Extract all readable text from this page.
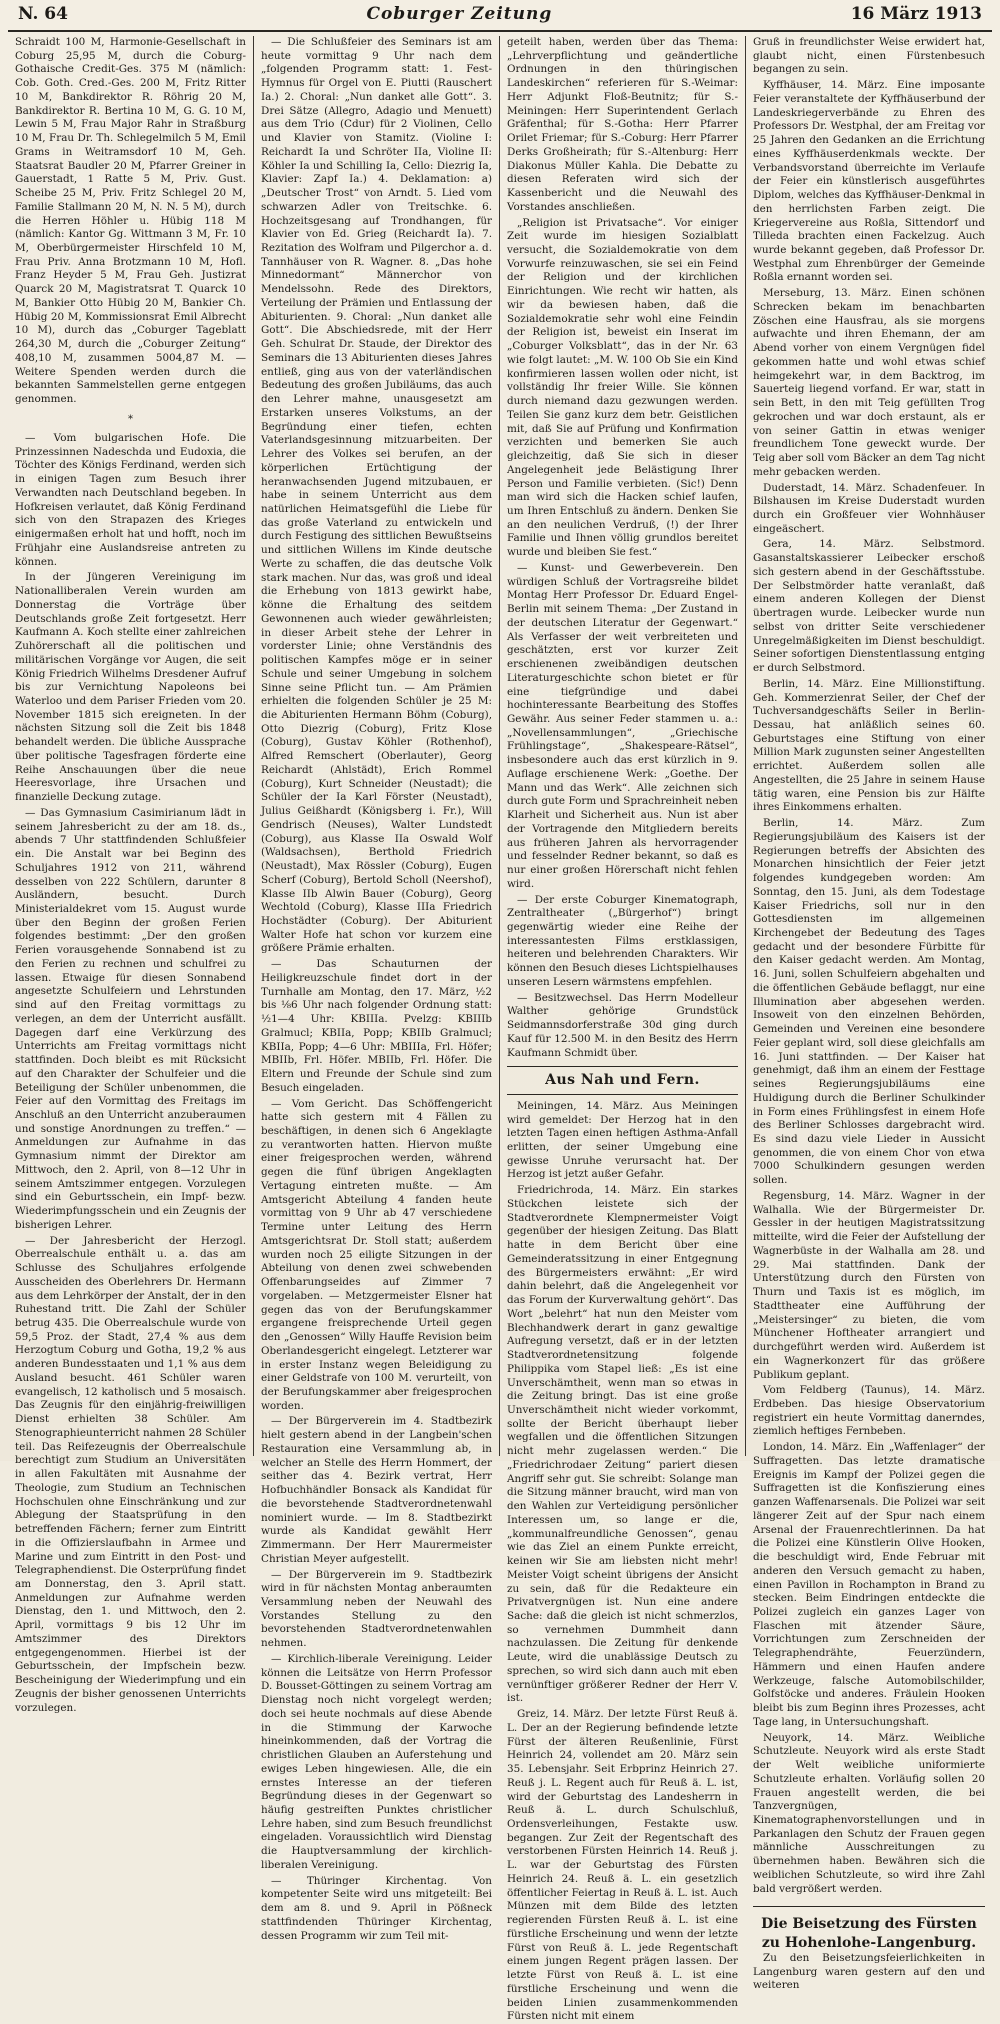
N. 64	Coburger Zeitung	16 März 1913

Schraidt 100 M, Harmonie-Gesellschaft in Coburg 25,95 M, durch die Coburg-Gothaische Credit-Ges. 375 M (nämlich: Cob. Goth. Cred.-Ges. 200 M, Fritz Ritter 10 M, Bankdirektor R. Röhrig 20 M, Bankdirektor R. Bertina 10 M, G. G. 10 M, Lewin 5 M, Frau Major Rahr in Straßburg 10 M, Frau Dr. Th. Schlegelmilch 5 M, Emil Grams in Weitramsdorf 10 M, Geh. Staatsrat Baudler 20 M, Pfarrer Greiner in Gauerstadt, 1 Ratte 5 M, Priv. Gust. Scheibe 25 M, Priv. Fritz Schlegel 20 M, Familie Stallmann 20 M, N. N. 5 M), durch die Herren Höhler u. Hübig 118 M (nämlich: Kantor Gg. Wittmann 3 M, Fr. 10 M, Oberbürgermeister Hirschfeld 10 M, Frau Priv. Anna Brotzmann 10 M, Hofl. Franz Heyder 5 M, Frau Geh. Justizrat Quarck 20 M, Magistratsrat T. Quarck 10 M, Bankier Otto Hübig 20 M, Bankier Ch. Hübig 20 M, Kommissionsrat Emil Albrecht 10 M), durch das „Coburger Tageblatt 264,30 M, durch die „Coburger Zeitung“ 408,10 M, zusammen 5004,87 M. — Weitere Spenden werden durch die bekannten Sammelstellen gerne entgegen genommen.

*

— Vom bulgarischen Hofe. Die Prinzessinnen Nadeschda und Eudoxia, die Töchter des Königs Ferdinand, werden sich in einigen Tagen zum Besuch ihrer Verwandten nach Deutschland begeben. In Hofkreisen verlautet, daß König Ferdinand sich von den Strapazen des Krieges einigermaßen erholt hat und hofft, noch im Frühjahr eine Auslandsreise antreten zu können.

In der Jüngeren Vereinigung im Nationalliberalen Verein wurden am Donnerstag die Vorträge über Deutschlands große Zeit fortgesetzt. Herr Kaufmann A. Koch stellte einer zahlreichen Zuhörerschaft all die politischen und militärischen Vorgänge vor Augen, die seit König Friedrich Wilhelms Dresdener Aufruf bis zur Vernichtung Napoleons bei Waterloo und dem Pariser Frieden vom 20. November 1815 sich ereigneten. In der nächsten Sitzung soll die Zeit bis 1848 behandelt werden. Die übliche Aussprache über politische Tagesfragen förderte eine Reihe Anschauungen über die neue Heeresvorlage, ihre Ursachen und finanzielle Deckung zutage.

— Das Gymnasium Casimirianum lädt in seinem Jahresbericht zu der am 18. ds., abends 7 Uhr stattfindenden Schlußfeier ein. Die Anstalt war bei Beginn des Schuljahres 1912 von 211, während desselben von 222 Schülern, darunter 8 Ausländern, besucht. Durch Ministerialdekret vom 15. August wurde über den Beginn der großen Ferien folgendes bestimmt: „Der den großen Ferien vorausgehende Sonnabend ist zu den Ferien zu rechnen und schulfrei zu lassen. Etwaige für diesen Sonnabend angesetzte Schulfeiern und Lehrstunden sind auf den Freitag vormittags zu verlegen, an dem der Unterricht ausfällt. Dagegen darf eine Verkürzung des Unterrichts am Freitag vormittags nicht stattfinden. Doch bleibt es mit Rücksicht auf den Charakter der Schulfeier und die Beteiligung der Schüler unbenommen, die Feier auf den Vormittag des Freitags im Anschluß an den Unterricht anzuberaumen und sonstige Anordnungen zu treffen.“ — Anmeldungen zur Aufnahme in das Gymnasium nimmt der Direktor am Mittwoch, den 2. April, von 8—12 Uhr in seinem Amtszimmer entgegen. Vorzulegen sind ein Geburtsschein, ein Impf- bezw. Wiederimpfungsschein und ein Zeugnis der bisherigen Lehrer.

— Der Jahresbericht der Herzogl. Oberrealschule enthält u. a. das am Schlusse des Schuljahres erfolgende Ausscheiden des Oberlehrers Dr. Hermann aus dem Lehrkörper der Anstalt, der in den Ruhestand tritt. Die Zahl der Schüler betrug 435. Die Oberrealschule wurde von 59,5 Proz. der Stadt, 27,4 % aus dem Herzogtum Coburg und Gotha, 19,2 % aus anderen Bundesstaaten und 1,1 % aus dem Ausland besucht. 461 Schüler waren evangelisch, 12 katholisch und 5 mosaisch. Das Zeugnis für den einjährig-freiwilligen Dienst erhielten 38 Schüler. Am Stenographieunterricht nahmen 28 Schüler teil. Das Reifezeugnis der Oberrealschule berechtigt zum Studium an Universitäten in allen Fakultäten mit Ausnahme der Theologie, zum Studium an Technischen Hochschulen ohne Einschränkung und zur Ablegung der Staatsprüfung in den betreffenden Fächern; ferner zum Eintritt in die Offizierslaufbahn in Armee und Marine und zum Eintritt in den Post- und Telegraphendienst. Die Osterprüfung findet am Donnerstag, den 3. April statt. Anmeldungen zur Aufnahme werden Dienstag, den 1. und Mittwoch, den 2. April, vormittags 9 bis 12 Uhr im Amtszimmer des Direktors entgegengenommen. Hierbei ist der Geburtsschein, der Impfschein bezw. Bescheinigung der Wiederimpfung und ein Zeugnis der bisher genossenen Unterrichts vorzulegen.

— Die Schlußfeier des Seminars ist am heute vormittag 9 Uhr nach dem „folgenden Programm statt: 1. Fest-Hymnus für Orgel von E. Piutti (Rauschert Ia.) 2. Choral: „Nun danket alle Gott“. 3. Drei Sätze (Allegro, Adagio und Menuett) aus dem Trio (Cdur) für 2 Violinen, Cello und Klavier von Stamitz. (Violine I: Reichardt Ia und Schröter IIa, Violine II: Köhler Ia und Schilling Ia, Cello: Diezrig Ia, Klavier: Zapf Ia.) 4. Deklamation: a) „Deutscher Trost“ von Arndt. 5. Lied vom schwarzen Adler von Treitschke. 6. Hochzeitsgesang auf Trondhangen, für Klavier von Ed. Grieg (Reichardt Ia). 7. Rezitation des Wolfram und Pilgerchor a. d. Tannhäuser von R. Wagner. 8. „Das hohe Minnedormant“ Männerchor von Mendelssohn. Rede des Direktors, Verteilung der Prämien und Entlassung der Abiturienten. 9. Choral: „Nun danket alle Gott“. Die Abschiedsrede, mit der Herr Geh. Schulrat Dr. Staude, der Direktor des Seminars die 13 Abiturienten dieses Jahres entließ, ging aus von der vaterländischen Bedeutung des großen Jubiläums, das auch den Lehrer mahne, unausgesetzt am Erstarken unseres Volkstums, an der Begründung einer tiefen, echten Vaterlandsgesinnung mitzuarbeiten. Der Lehrer des Volkes sei berufen, an der körperlichen Ertüchtigung der heranwachsenden Jugend mitzubauen, er habe in seinem Unterricht aus dem natürlichen Heimatsgefühl die Liebe für das große Vaterland zu entwickeln und durch Festigung des sittlichen Bewußtseins und sittlichen Willens im Kinde deutsche Werte zu schaffen, die das deutsche Volk stark machen. Nur das, was groß und ideal die Erhebung von 1813 gewirkt habe, könne die Erhaltung des seitdem Gewonnenen auch wieder gewährleisten; in dieser Arbeit stehe der Lehrer in vorderster Linie; ohne Verständnis des politischen Kampfes möge er in seiner Schule und seiner Umgebung in solchem Sinne seine Pflicht tun. — Am Prämien erhielten die folgenden Schüler je 25 M: die Abiturienten Hermann Böhm (Coburg), Otto Diezrig (Coburg), Fritz Klose (Coburg), Gustav Köhler (Rothenhof), Alfred Remschert (Oberlauter), Georg Reichardt (Ahlstädt), Erich Rommel (Coburg), Kurt Schneider (Neustadt); die Schüler der Ia Karl Förster (Neustadt), Julius Geißhardt (Königsberg i. Fr.), Will Gendrisch (Neuses), Walter Lundstedt (Coburg), aus Klasse IIa Oswald Wolf (Waldsachsen), Berthold Friedrich (Neustadt), Max Rössler (Coburg), Eugen Scherf (Coburg), Bertold Scholl (Neershof), Klasse IIb Alwin Bauer (Coburg), Georg Wechtold (Coburg), Klasse IIIa Friedrich Hochstädter (Coburg). Der Abiturient Walter Hofe hat schon vor kurzem eine größere Prämie erhalten.

— Das Schauturnen der Heiligkreuzschule findet dort in der Turnhalle am Montag, den 17. März, ½2 bis ⅛6 Uhr nach folgender Ordnung statt: ½1—4 Uhr: KBIIIa. Pvelzg: KBIIIb Gralmucl; KBIIa, Popp; KBIIb Gralmucl; KBIIa, Popp; 4—6 Uhr: MBIIIa, Frl. Höfer; MBIIb, Frl. Höfer. MBIIb, Frl. Höfer. Die Eltern und Freunde der Schule sind zum Besuch eingeladen.

— Vom Gericht. Das Schöffengericht hatte sich gestern mit 4 Fällen zu beschäftigen, in denen sich 6 Angeklagte zu verantworten hatten. Hiervon mußte einer freigesprochen werden, während gegen die fünf übrigen Angeklagten Vertagung eintreten mußte. — Am Amtsgericht Abteilung 4 fanden heute vormittag von 9 Uhr ab 47 verschiedene Termine unter Leitung des Herrn Amtsgerichtsrat Dr. Stoll statt; außerdem wurden noch 25 eiligte Sitzungen in der Abteilung von denen zwei schwebenden Offenbarungseides auf Zimmer 7 vorgelaben. — Metzgermeister Elsner hat gegen das von der Berufungskammer ergangene freisprechende Urteil gegen den „Genossen“ Willy Hauffe Revision beim Oberlandesgericht eingelegt. Letzterer war in erster Instanz wegen Beleidigung zu einer Geldstrafe von 100 M. verurteilt, von der Berufungskammer aber freigesprochen worden.

— Der Bürgerverein im 4. Stadtbezirk hielt gestern abend in der Langbein'schen Restauration eine Versammlung ab, in welcher an Stelle des Herrn Hommert, der seither das 4. Bezirk vertrat, Herr Hofbuchhändler Bonsack als Kandidat für die bevorstehende Stadtverordnetenwahl nominiert wurde. — Im 8. Stadtbezirkt wurde als Kandidat gewählt Herr Zimmermann. Der Herr Maurermeister Christian Meyer aufgestellt.

— Der Bürgerverein im 9. Stadtbezirk wird in für nächsten Montag anberaumten Versammlung neben der Neuwahl des Vorstandes Stellung zu den bevorstehenden Stadtverordnetenwahlen nehmen.

— Kirchlich-liberale Vereinigung. Leider können die Leitsätze von Herrn Professor D. Bousset-Göttingen zu seinem Vortrag am Dienstag noch nicht vorgelegt werden; doch sei heute nochmals auf diese Abende in die Stimmung der Karwoche hineinkommenden, daß der Vortrag die christlichen Glauben an Auferstehung und ewiges Leben hingewiesen. Alle, die ein ernstes Interesse an der tieferen Begründung dieses in der Gegenwart so häufig gestreiften Punktes christlicher Lehre haben, sind zum Besuch freundlichst eingeladen. Voraussichtlich wird Dienstag die Hauptversammlung der kirchlich-liberalen Vereinigung.

— Thüringer Kirchentag. Von kompetenter Seite wird uns mitgeteilt: Bei dem am 8. und 9. April in Pößneck stattfindenden Thüringer Kirchentag, dessen Programm wir zum Teil mit-

geteilt haben, werden über das Thema: „Lehrverpflichtung und geändertliche Ordnungen in den thüringischen Landeskirchen“ referieren für S.-Weimar: Herr Adjunkt Floß-Beutnitz; für S.-Meiningen: Herr Superintendent Gerlach Gräfenthal; für S.-Gotha: Herr Pfarrer Orilet Friemar; für S.-Coburg: Herr Pfarrer Derks Großheirath; für S.-Altenburg: Herr Diakonus Müller Kahla. Die Debatte zu diesen Referaten wird sich der Kassenbericht und die Neuwahl des Vorstandes anschließen.

„Religion ist Privatsache“. Vor einiger Zeit wurde im hiesigen Sozialblatt versucht, die Sozialdemokratie von dem Vorwurfe reinzuwaschen, sie sei ein Feind der Religion und der kirchlichen Einrichtungen. Wie recht wir hatten, als wir da bewiesen haben, daß die Sozialdemokratie sehr wohl eine Feindin der Religion ist, beweist ein Inserat im „Coburger Volksblatt“, das in der Nr. 63 wie folgt lautet: „M. W. 100 Ob Sie ein Kind konfirmieren lassen wollen oder nicht, ist vollständig Ihr freier Wille. Sie können durch niemand dazu gezwungen werden. Teilen Sie ganz kurz dem betr. Geistlichen mit, daß Sie auf Prüfung und Konfirmation verzichten und bemerken Sie auch gleichzeitig, daß Sie sich in dieser Angelegenheit jede Belästigung Ihrer Person und Familie verbieten. (Sic!) Denn man wird sich die Hacken schief laufen, um Ihren Entschluß zu ändern. Denken Sie an den neulichen Verdruß, (!) der Ihrer Familie und Ihnen völlig grundlos bereitet wurde und bleiben Sie fest.“

— Kunst- und Gewerbeverein. Den würdigen Schluß der Vortragsreihe bildet Montag Herr Professor Dr. Eduard Engel-Berlin mit seinem Thema: „Der Zustand in der deutschen Literatur der Gegenwart.“ Als Verfasser der weit verbreiteten und geschätzten, erst vor kurzer Zeit erschienenen zweibändigen deutschen Literaturgeschichte schon bietet er für eine tiefgründige und dabei hochinteressante Bearbeitung des Stoffes Gewähr. Aus seiner Feder stammen u. a.: „Novellensammlungen“, „Griechische Frühlingstage“, „Shakespeare-Rätsel“, insbesondere auch das erst kürzlich in 9. Auflage erschienene Werk: „Goethe. Der Mann und das Werk“. Alle zeichnen sich durch gute Form und Sprachreinheit neben Klarheit und Sicherheit aus. Nun ist aber der Vortragende den Mitgliedern bereits aus früheren Jahren als hervorragender und fesselnder Redner bekannt, so daß es nur einer großen Hörerschaft nicht fehlen wird.

— Der erste Coburger Kinematograph, Zentraltheater („Bürgerhof“) bringt gegenwärtig wieder eine Reihe der interessantesten Films erstklassigen, heiteren und belehrenden Charakters. Wir können den Besuch dieses Lichtspielhauses unseren Lesern wärmstens empfehlen.

— Besitzwechsel. Das Herrn Modelleur Walther gehörige Grundstück Seidmannsdorferstraße 30d ging durch Kauf für 12.500 M. in den Besitz des Herrn Kaufmann Schmidt über.

Aus Nah und Fern.

Meiningen, 14. März. Aus Meiningen wird gemeldet: Der Herzog hat in den letzten Tagen einen heftigen Asthma-Anfall erlitten, der seiner Umgebung eine gewisse Unruhe verursacht hat. Der Herzog ist jetzt außer Gefahr.

Friedrichroda, 14. März. Ein starkes Stückchen leistete sich der Stadtverordnete Klempnermeister Voigt gegenüber der hiesigen Zeitung. Das Blatt hatte in dem Bericht über eine Gemeinderatssitzung in einer Entgegnung des Bürgermeisters erwähnt: „Er wird dahin belehrt, daß die Angelegenheit vor das Forum der Kurverwaltung gehört“. Das Wort „belehrt“ hat nun den Meister vom Blechhandwerk derart in ganz gewaltige Aufregung versetzt, daß er in der letzten Stadtverordnetensitzung folgende Philippika vom Stapel ließ: „Es ist eine Unverschämtheit, wenn man so etwas in die Zeitung bringt. Das ist eine große Unverschämtheit nicht wieder vorkommt, sollte der Bericht überhaupt lieber wegfallen und die öffentlichen Sitzungen nicht mehr zugelassen werden.“ Die „Friedrichrodaer Zeitung“ pariert diesen Angriff sehr gut. Sie schreibt: Solange man die Sitzung männer braucht, wird man von den Wahlen zur Verteidigung persönlicher Interessen um, so lange er die, „kommunalfreundliche Genossen“, genau wie das Ziel an einem Punkte erreicht, keinen wir Sie am liebsten nicht mehr! Meister Voigt scheint übrigens der Ansicht zu sein, daß für die Redakteure ein Privatvergnügen ist. Nun eine andere Sache: daß die gleich ist nicht schmerzlos, so vernehmen Dummheit dann nachzulassen. Die Zeitung für denkende Leute, wird die unablässige Deutsch zu sprechen, so wird sich dann auch mit eben vernünftiger größerer Redner der Herr V. ist.

Greiz, 14. März. Der letzte Fürst Reuß ä. L. Der an der Regierung befindende letzte Fürst der älteren Reußenlinie, Fürst Heinrich 24, vollendet am 20. März sein 35. Lebensjahr. Seit Erbprinz Heinrich 27. Reuß j. L. Regent auch für Reuß ä. L. ist, wird der Geburtstag des Landesherrn in Reuß ä. L. durch Schulschluß, Ordensverleihungen, Festakte usw. begangen. Zur Zeit der Regentschaft des verstorbenen Fürsten Heinrich 14. Reuß j. L. war der Geburtstag des Fürsten Heinrich 24. Reuß ä. L. ein gesetzlich öffentlicher Feiertag in Reuß ä. L. ist. Auch Münzen mit dem Bilde des letzten regierenden Fürsten Reuß ä. L. ist eine fürstliche Erscheinung und wenn der letzte Fürst von Reuß ä. L. jede Regentschaft einem jungen Regent prägen lassen. Der letzte Fürst von Reuß ä. L. ist eine fürstliche Erscheinung und wenn die beiden Linien zusammenkommenden Fürsten nicht mit einem

Gruß in freundlichster Weise erwidert hat, glaubt nicht, einen Fürstenbesuch begangen zu sein.

Kyffhäuser, 14. März. Eine imposante Feier veranstaltete der Kyffhäuserbund der Landeskriegerverbände zu Ehren des Professors Dr. Westphal, der am Freitag vor 25 Jahren den Gedanken an die Errichtung eines Kyffhäuserdenkmals weckte. Der Verbandsvorstand überreichte im Verlaufe der Feier ein künstlerisch ausgeführtes Diplom, welches das Kyffhäuser-Denkmal in den herrlichsten Farben zeigt. Die Kriegervereine aus Roßla, Sittendorf und Tilleda brachten einen Fackelzug. Auch wurde bekannt gegeben, daß Professor Dr. Westphal zum Ehrenbürger der Gemeinde Roßla ernannt worden sei.

Merseburg, 13. März. Einen schönen Schrecken bekam im benachbarten Zöschen eine Hausfrau, als sie morgens aufwachte und ihren Ehemann, der am Abend vorher von einem Vergnügen fidel gekommen hatte und wohl etwas schief heimgekehrt war, in dem Backtrog, im Sauerteig liegend vorfand. Er war, statt in sein Bett, in den mit Teig gefüllten Trog gekrochen und war doch erstaunt, als er von seiner Gattin in etwas weniger freundlichem Tone geweckt wurde. Der Teig aber soll vom Bäcker an dem Tag nicht mehr gebacken werden.

Duderstadt, 14. März. Schadenfeuer. In Bilshausen im Kreise Duderstadt wurden durch ein Großfeuer vier Wohnhäuser eingeäschert.

Gera, 14. März. Selbstmord. Gasanstaltskassierer Leibecker erschoß sich gestern abend in der Geschäftsstube. Der Selbstmörder hatte veranlaßt, daß einem anderen Kollegen der Dienst übertragen wurde. Leibecker wurde nun selbst von dritter Seite verschiedener Unregelmäßigkeiten im Dienst beschuldigt. Seiner sofortigen Dienstentlassung entging er durch Selbstmord.

Berlin, 14. März. Eine Millionstiftung. Geh. Kommerzienrat Seiler, der Chef der Tuchversandgeschäfts Seiler in Berlin-Dessau, hat anläßlich seines 60. Geburtstages eine Stiftung von einer Million Mark zugunsten seiner Angestellten errichtet. Außerdem sollen alle Angestellten, die 25 Jahre in seinem Hause tätig waren, eine Pension bis zur Hälfte ihres Einkommens erhalten.

Berlin, 14. März. Zum Regierungsjubiläum des Kaisers ist der Regierungen betreffs der Absichten des Monarchen hinsichtlich der Feier jetzt folgendes kundgegeben worden: Am Sonntag, den 15. Juni, als dem Todestage Kaiser Friedrichs, soll nur in den Gottesdiensten im allgemeinen Kirchengebet der Bedeutung des Tages gedacht und der besondere Fürbitte für den Kaiser gedacht werden. Am Montag, 16. Juni, sollen Schulfeiern abgehalten und die öffentlichen Gebäude beflaggt, nur eine Illumination aber abgesehen werden. Insoweit von den einzelnen Behörden, Gemeinden und Vereinen eine besondere Feier geplant wird, soll diese gleichfalls am 16. Juni stattfinden. — Der Kaiser hat genehmigt, daß ihm an einem der Festtage seines Regierungsjubiläums eine Huldigung durch die Berliner Schulkinder in Form eines Frühlingsfest in einem Hofe des Berliner Schlosses dargebracht wird. Es sind dazu viele Lieder in Aussicht genommen, die von einem Chor von etwa 7000 Schulkindern gesungen werden sollen.

Regensburg, 14. März. Wagner in der Walhalla. Wie der Bürgermeister Dr. Gessler in der heutigen Magistratssitzung mitteilte, wird die Feier der Aufstellung der Wagnerbüste in der Walhalla am 28. und 29. Mai stattfinden. Dank der Unterstützung durch den Fürsten von Thurn und Taxis ist es möglich, im Stadttheater eine Aufführung der „Meistersinger“ zu bieten, die vom Münchener Hoftheater arrangiert und durchgeführt werden wird. Außerdem ist ein Wagnerkonzert für das größere Publikum geplant.

Vom Feldberg (Taunus), 14. März. Erdbeben. Das hiesige Observatorium registriert ein heute Vormittag danerndes, ziemlich heftiges Fernbeben.

London, 14. März. Ein „Waffenlager“ der Suffragetten. Das letzte dramatische Ereignis im Kampf der Polizei gegen die Suffragetten ist die Konfiszierung eines ganzen Waffenarsenals. Die Polizei war seit längerer Zeit auf der Spur nach einem Arsenal der Frauenrechtlerinnen. Da hat die Polizei eine Künstlerin Olive Hooken, die beschuldigt wird, Ende Februar mit anderen den Versuch gemacht zu haben, einen Pavillon in Rochampton in Brand zu stecken. Beim Eindringen entdeckte die Polizei zugleich ein ganzes Lager von Flaschen mit ätzender Säure, Vorrichtungen zum Zerschneiden der Telegraphendrähte, Feuerzündern, Hämmern und einen Haufen andere Werkzeuge, falsche Automobilschilder, Golfstöcke und anderes. Fräulein Hooken bleibt bis zum Beginn ihres Prozesses, acht Tage lang, in Untersuchungshaft.

Neuyork, 14. März. Weibliche Schutzleute. Neuyork wird als erste Stadt der Welt weibliche uniformierte Schutzleute erhalten. Vorläufig sollen 20 Frauen angestellt werden, die bei Tanzvergnügen, Kinematographenvorstellungen und in Parkanlagen den Schutz der Frauen gegen männliche Ausschreitungen zu übernehmen haben. Bewähren sich die weiblichen Schutzleute, so wird ihre Zahl bald vergrößert werden.

Die Beisetzung des Fürsten zu Hohenlohe-Langenburg.

Zu den Beisetzungsfeierlichkeiten in Langenburg waren gestern auf den und weiteren
